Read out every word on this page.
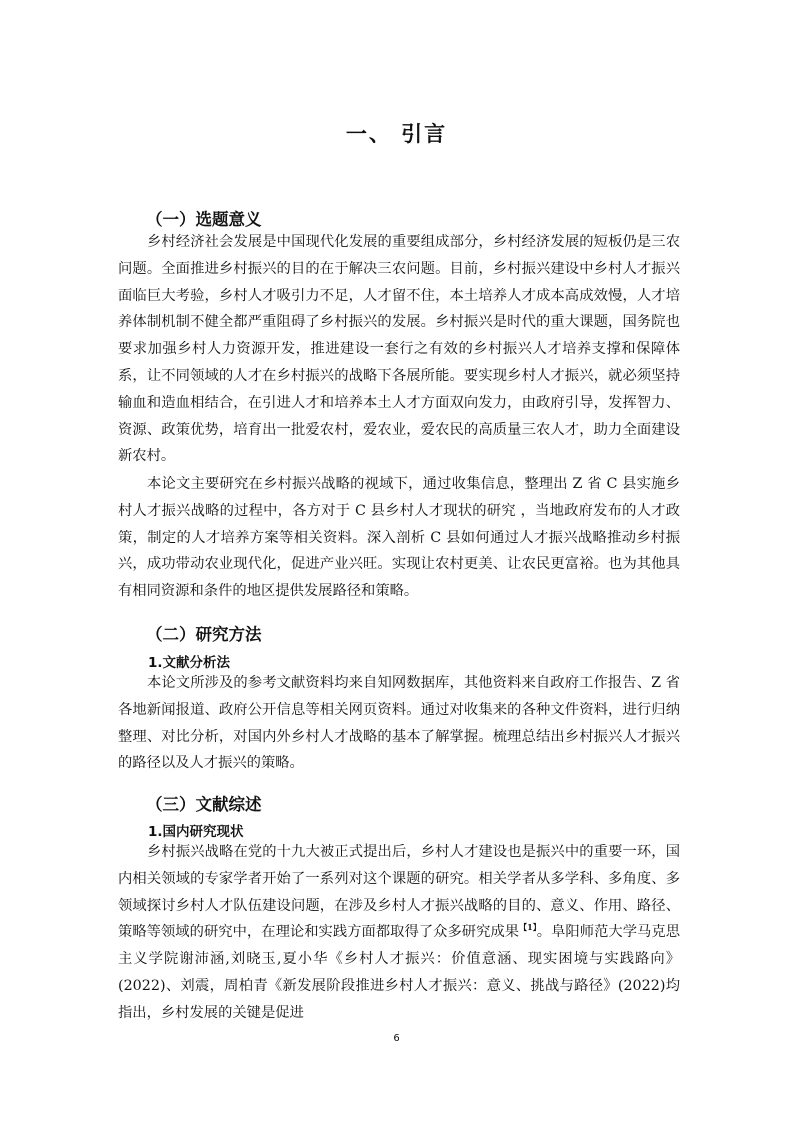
一、 引言
（一）选题意义

乡村经济社会发展是中国现代化发展的重要组成部分，乡村经济发展的短板仍是三农问题。全面推进乡村振兴的目的在于解决三农问题。目前，乡村振兴建设中乡村人才振兴面临巨大考验，乡村人才吸引力不足，人才留不住，本土培养人才成本高成效慢，人才培养体制机制不健全都严重阻碍了乡村振兴的发展。乡村振兴是时代的重大课题，国务院也要求加强乡村人力资源开发，推进建设一套行之有效的乡村振兴人才培养支撑和保障体系，让不同领域的人才在乡村振兴的战略下各展所能。要实现乡村人才振兴，就必须坚持输血和造血相结合，在引进人才和培养本土人才方面双向发力，由政府引导，发挥智力、资源、政策优势，培育出一批爱农村，爱农业，爱农民的高质量三农人才，助力全面建设新农村。

本论文主要研究在乡村振兴战略的视域下，通过收集信息，整理出 Z 省 C 县实施乡村人才振兴战略的过程中，各方对于 C 县乡村人才现状的研究 ，当地政府发布的人才政策，制定的人才培养方案等相关资料。深入剖析 C 县如何通过人才振兴战略推动乡村振兴，成功带动农业现代化，促进产业兴旺。实现让农村更美、让农民更富裕。也为其他具有相同资源和条件的地区提供发展路径和策略。

（二）研究方法
1.文献分析法

本论文所涉及的参考文献资料均来自知网数据库，其他资料来自政府工作报告、Z 省各地新闻报道、政府公开信息等相关网页资料。通过对收集来的各种文件资料，进行归纳整理、对比分析，对国内外乡村人才战略的基本了解掌握。梳理总结出乡村振兴人才振兴的路径以及人才振兴的策略。

（三）文献综述
1.国内研究现状

乡村振兴战略在党的十九大被正式提出后，乡村人才建设也是振兴中的重要一环，国内相关领域的专家学者开始了一系列对这个课题的研究。相关学者从多学科、多角度、多领域探讨乡村人才队伍建设问题，在涉及乡村人才振兴战略的目的、意义、作用、路径、策略等领域的研究中，在理论和实践方面都取得了众多研究成果$^{【1】}$。阜阳师范大学马克思主义学院谢沛涵,刘晓玉,夏小华《乡村人才振兴：价值意涵、现实困境与实践路向》(2022)、刘震，周柏青《新发展阶段推进乡村人才振兴：意义、挑战与路径》(2022)均指出，乡村发展的关键是促进

6
